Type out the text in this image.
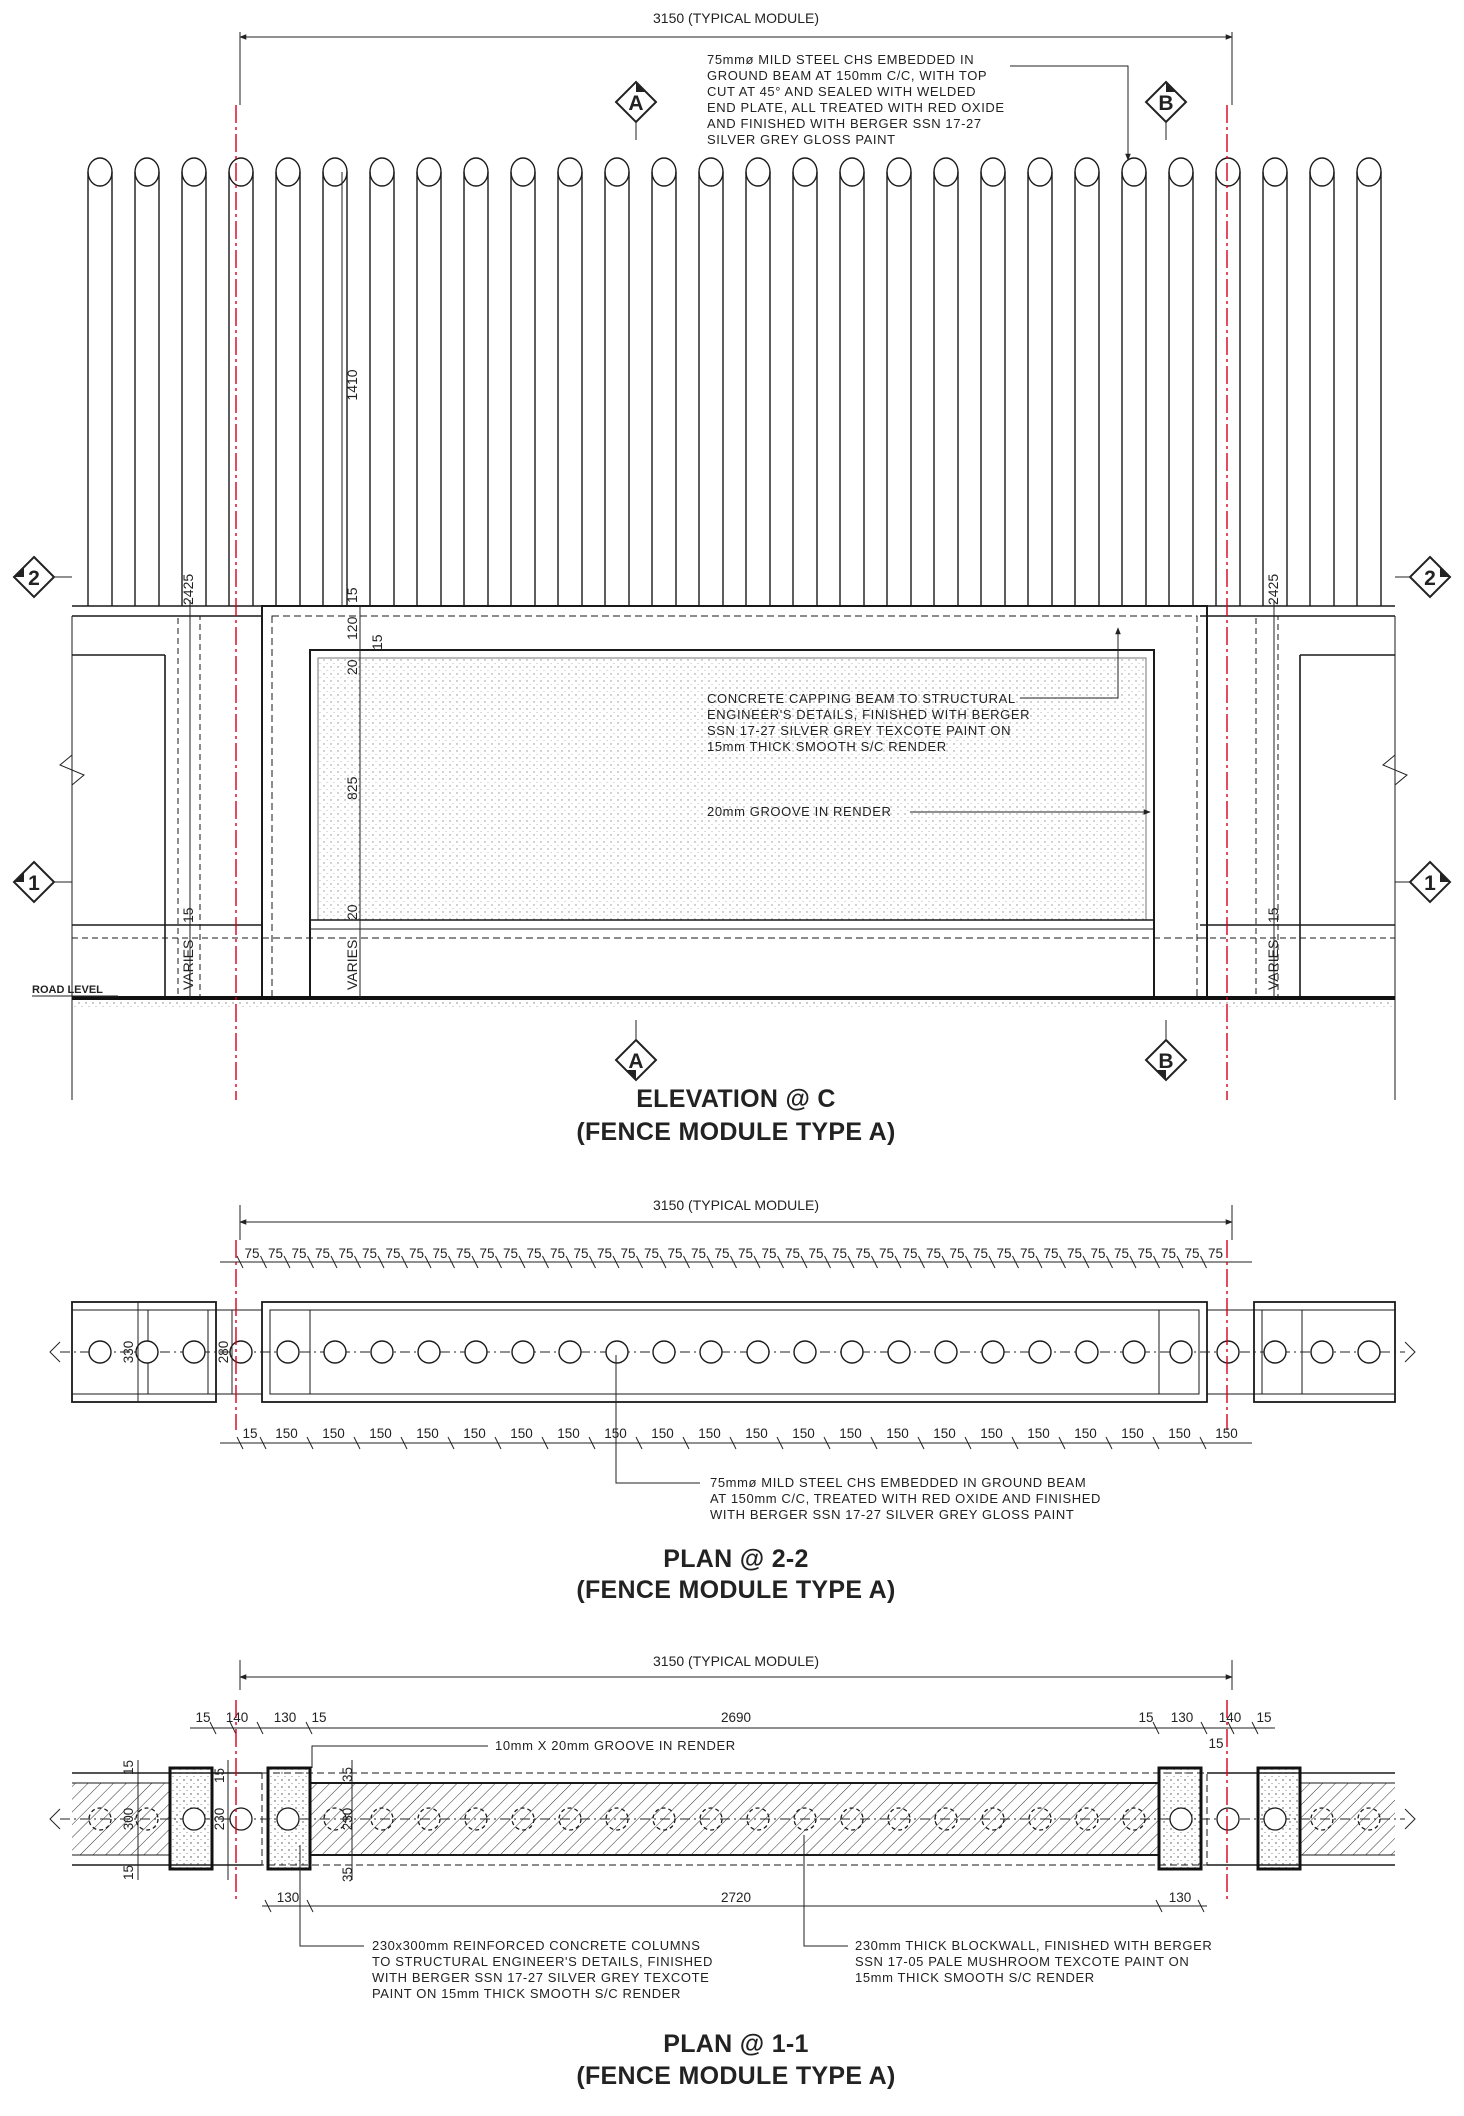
3150 (TYPICAL MODULE)
1410
2425	2425
15
120
15
20
825
20
15	15
VARIES	VARIES	VARIES
75mmø MILD STEEL CHS EMBEDDED IN
GROUND BEAM AT 150mm C/C, WITH TOP
CUT AT 45° AND SEALED WITH WELDED
END PLATE, ALL TREATED WITH RED OXIDE
AND FINISHED WITH BERGER SSN 17-27
SILVER GREY GLOSS PAINT
CONCRETE CAPPING BEAM TO STRUCTURAL
ENGINEER'S DETAILS, FINISHED WITH BERGER
SSN 17-27 SILVER GREY TEXCOTE PAINT ON
15mm THICK SMOOTH S/C RENDER
20mm GROOVE IN RENDER
ROAD LEVEL
A	B
A	B
2	2
1	1
ELEVATION @ C
(FENCE MODULE TYPE A)
3150 (TYPICAL MODULE)
75 75 75 75 75 75 75 75 75 75 75 75 75 75 75 75 75 75 75 75 75 75 75 75 75 75 75 75 75 75 75 75 75 75 75 75 75 75 75 75 75 75
330	280
15 150 150 150 150 150 150 150 150 150 150 150 150 150 150 150 150 150 150 150 150 150
75mmø MILD STEEL CHS EMBEDDED IN GROUND BEAM
AT 150mm C/C, TREATED WITH RED OXIDE AND FINISHED
WITH BERGER SSN 17-27 SILVER GREY GLOSS PAINT
PLAN @ 2-2
(FENCE MODULE TYPE A)
3150 (TYPICAL MODULE)
15 140 130 15	2690	15 130 140 15
10mm X 20mm GROOVE IN RENDER
15
300
15
15
230
35
230
35
15
130	2720	130
230x300mm REINFORCED CONCRETE COLUMNS
TO STRUCTURAL ENGINEER'S DETAILS, FINISHED
WITH BERGER SSN 17-27 SILVER GREY TEXCOTE
PAINT ON 15mm THICK SMOOTH S/C RENDER
230mm THICK BLOCKWALL, FINISHED WITH BERGER
SSN 17-05 PALE MUSHROOM TEXCOTE PAINT ON
15mm THICK SMOOTH S/C RENDER
PLAN @ 1-1
(FENCE MODULE TYPE A)
